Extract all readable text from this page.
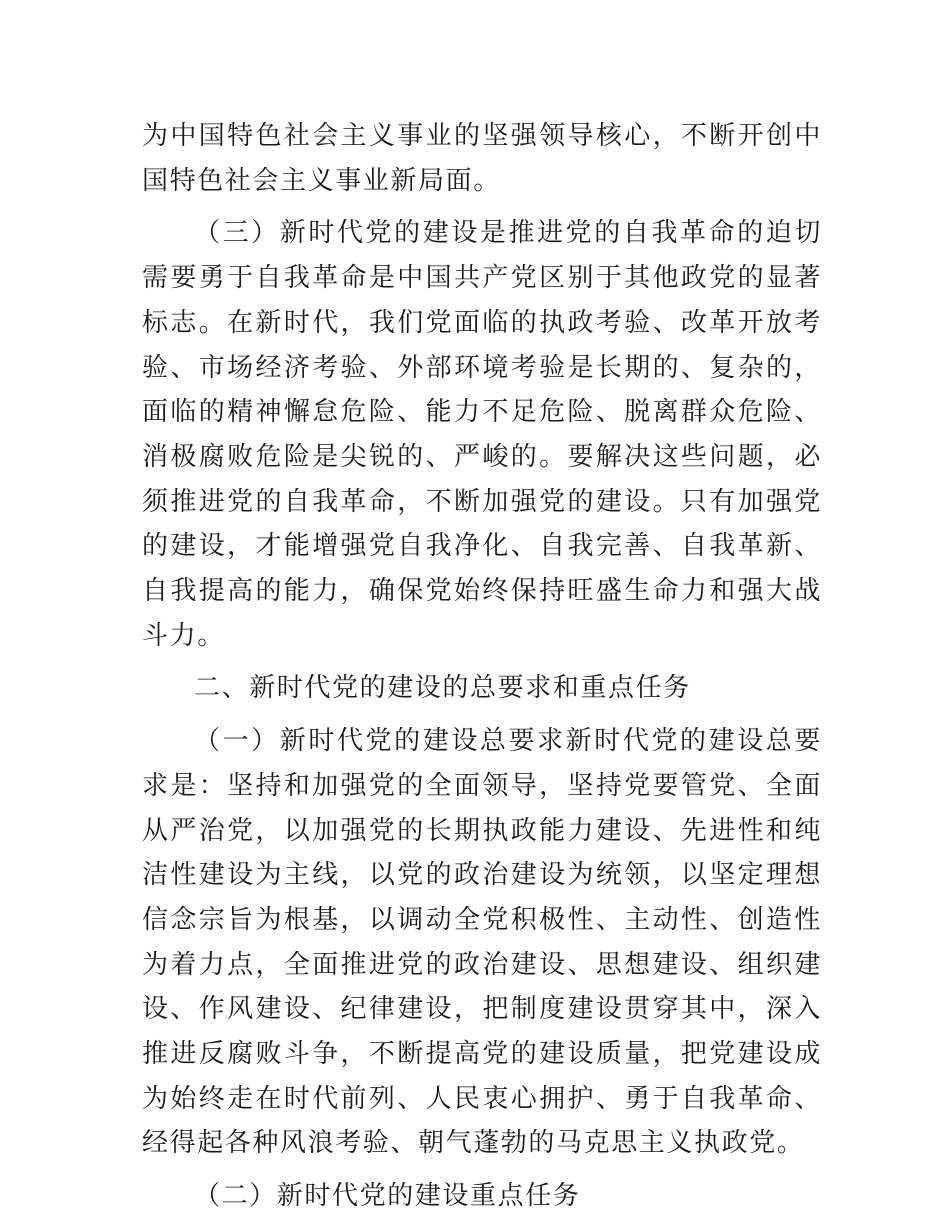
为中国特色社会主义事业的坚强领导核心，不断开创中国特色社会主义事业新局面。

（三）新时代党的建设是推进党的自我革命的迫切需要勇于自我革命是中国共产党区别于其他政党的显著标志。在新时代，我们党面临的执政考验、改革开放考验、市场经济考验、外部环境考验是长期的、复杂的，面临的精神懈怠危险、能力不足危险、脱离群众危险、消极腐败危险是尖锐的、严峻的。要解决这些问题，必须推进党的自我革命，不断加强党的建设。只有加强党的建设，才能增强党自我净化、自我完善、自我革新、自我提高的能力，确保党始终保持旺盛生命力和强大战斗力。

二、新时代党的建设的总要求和重点任务

（一）新时代党的建设总要求新时代党的建设总要求是：坚持和加强党的全面领导，坚持党要管党、全面从严治党，以加强党的长期执政能力建设、先进性和纯洁性建设为主线，以党的政治建设为统领，以坚定理想信念宗旨为根基，以调动全党积极性、主动性、创造性为着力点，全面推进党的政治建设、思想建设、组织建设、作风建设、纪律建设，把制度建设贯穿其中，深入推进反腐败斗争，不断提高党的建设质量，把党建设成为始终走在时代前列、人民衷心拥护、勇于自我革命、经得起各种风浪考验、朝气蓬勃的马克思主义执政党。

（二）新时代党的建设重点任务
